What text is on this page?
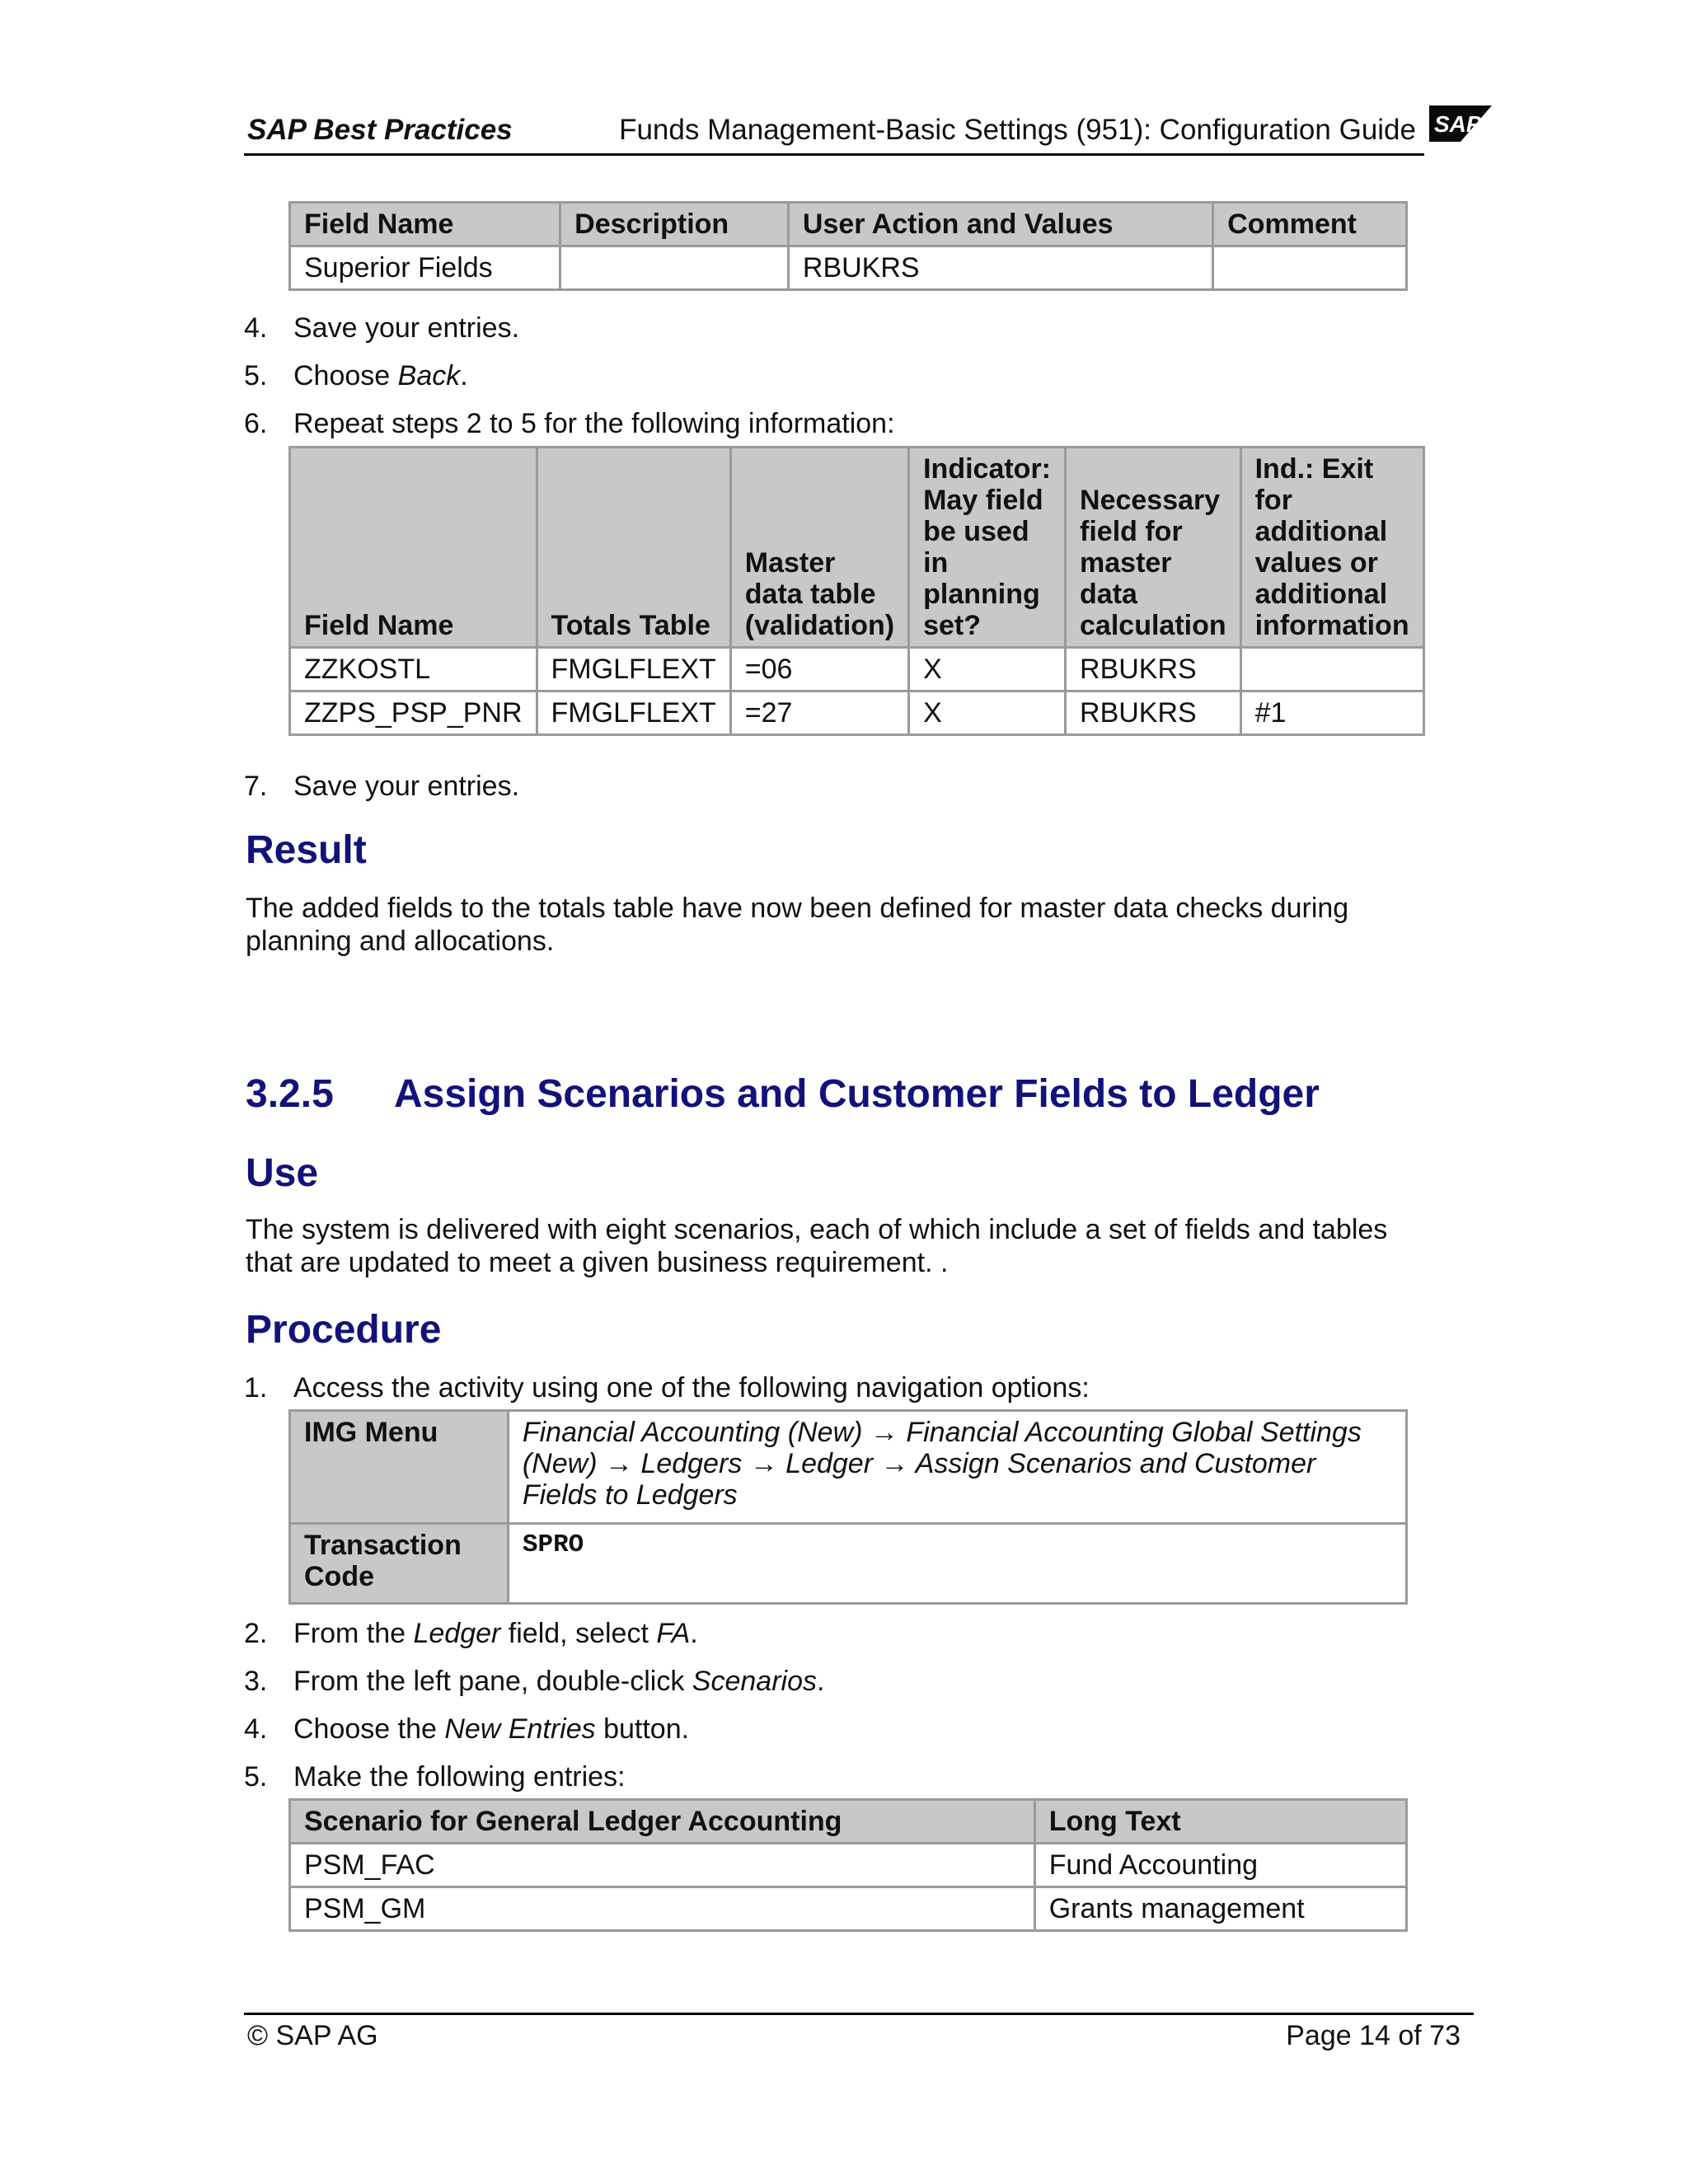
SAP Best Practices	Funds Management-Basic Settings (951): Configuration Guide SAP
Field Name	Description	User Action and Values	Comment
Superior Fields		RBUKRS	
4. Save your entries.
5. Choose Back.
6. Repeat steps 2 to 5 for the following information:
Field Name	Totals Table	Master data table (validation)	Indicator: May field be used in planning set?	Necessary field for master data calculation	Ind.: Exit for additional values or additional information
ZZKOSTL	FMGLFLEXT	=06	X	RBUKRS	
ZZPS_PSP_PNR	FMGLFLEXT	=27	X	RBUKRS	#1
7. Save your entries.
Result
The added fields to the totals table have now been defined for master data checks during planning and allocations.
3.2.5 Assign Scenarios and Customer Fields to Ledger
Use
The system is delivered with eight scenarios, each of which include a set of fields and tables that are updated to meet a given business requirement. .
Procedure
1. Access the activity using one of the following navigation options:
IMG Menu	Financial Accounting (New) → Financial Accounting Global Settings (New) → Ledgers → Ledger → Assign Scenarios and Customer Fields to Ledgers
Transaction Code	SPRO
2. From the Ledger field, select FA.
3. From the left pane, double-click Scenarios.
4. Choose the New Entries button.
5. Make the following entries:
Scenario for General Ledger Accounting	Long Text
PSM_FAC	Fund Accounting
PSM_GM	Grants management
© SAP AG	Page 14 of 73
